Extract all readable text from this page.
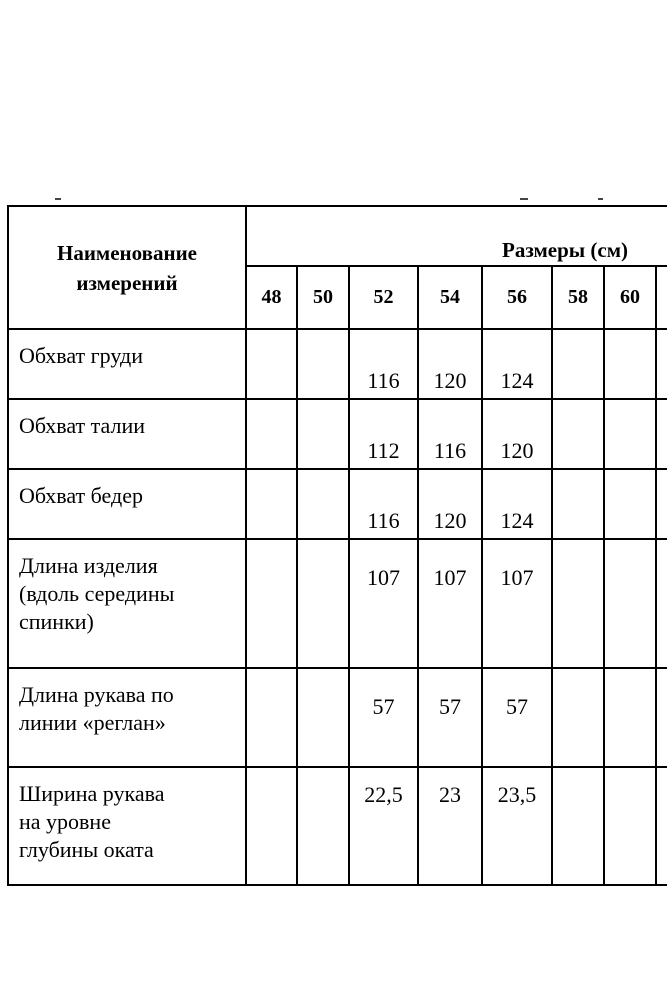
Наименование
измерений	Размеры (см)							
	48	50	52	54	56	58	60	
Обхват груди			116	120	124			
Обхват талии			112	116	120			
Обхват бедер			116	120	124			

Длина изделия
(вдоль середины
спинки)			107	107	107			

Длина рукава по
линии «реглан»			57	57	57			

Ширина рукава
на уровне
глубины оката			22,5	23	23,5			
